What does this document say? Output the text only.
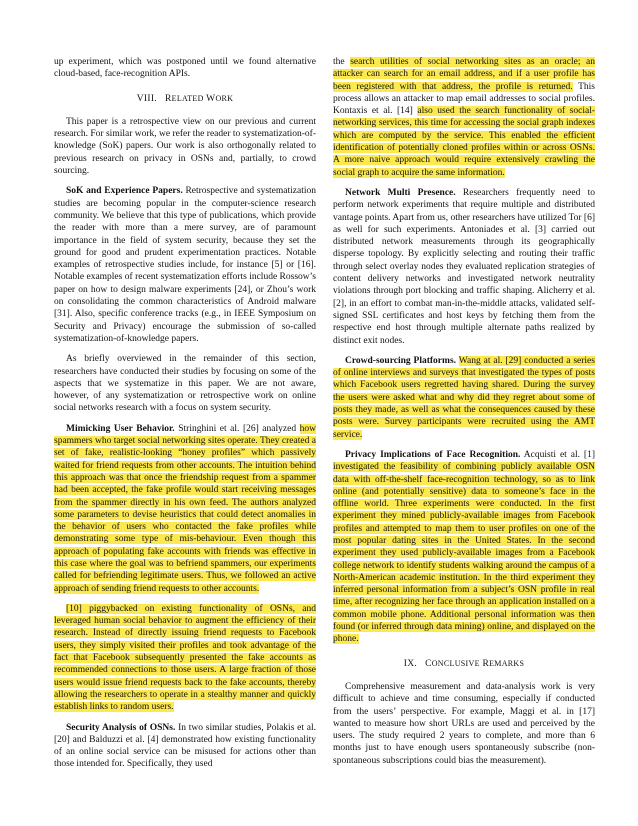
up experiment, which was postponed until we found alternative cloud-based, face-recognition APIs.

VIII. RELATED WORK

This paper is a retrospective view on our previous and current research. For similar work, we refer the reader to systematization-of-knowledge (SoK) papers. Our work is also orthogonally related to previous research on privacy in OSNs and, partially, to crowd sourcing.

SoK and Experience Papers. Retrospective and systematization studies are becoming popular in the computer-science research community. We believe that this type of publications, which provide the reader with more than a mere survey, are of paramount importance in the field of system security, because they set the ground for good and prudent experimentation practices. Notable examples of retrospective studies include, for instance [5] or [16]. Notable examples of recent systematization efforts include Rossow’s paper on how to design malware experiments [24], or Zhou’s work on consolidating the common characteristics of Android malware [31]. Also, specific conference tracks (e.g., in IEEE Symposium on Security and Privacy) encourage the submission of so-called systematization-of-knowledge papers.

As briefly overviewed in the remainder of this section, researchers have conducted their studies by focusing on some of the aspects that we systematize in this paper. We are not aware, however, of any systematization or retrospective work on online social networks research with a focus on system security.

Mimicking User Behavior. Stringhini et al. [26] analyzed how spammers who target social networking sites operate. They created a set of fake, realistic-looking “honey profiles” which passively waited for friend requests from other accounts. The intuition behind this approach was that once the friendship request from a spammer had been accepted, the fake profile would start receiving messages from the spammer directly in his own feed. The authors analyzed some parameters to devise heuristics that could detect anomalies in the behavior of users who contacted the fake profiles while demonstrating some type of mis-behaviour. Even though this approach of populating fake accounts with friends was effective in this case where the goal was to befriend spammers, our experiments called for befriending legitimate users. Thus, we followed an active approach of sending friend requests to other accounts.

[10] piggybacked on existing functionality of OSNs, and leveraged human social behavior to augment the efficiency of their research. Instead of directly issuing friend requests to Facebook users, they simply visited their profiles and took advantage of the fact that Facebook subsequently presented the fake accounts as recommended connections to those users. A large fraction of those users would issue friend requests back to the fake accounts, thereby allowing the researchers to operate in a stealthy manner and quickly establish links to random users.

Security Analysis of OSNs. In two similar studies, Polakis et al. [20] and Balduzzi et al. [4] demonstrated how existing functionality of an online social service can be misused for actions other than those intended for. Specifically, they used

the search utilities of social networking sites as an oracle; an attacker can search for an email address, and if a user profile has been registered with that address, the profile is returned. This process allows an attacker to map email addresses to social profiles. Kontaxis et al. [14] also used the search functionality of social-networking services, this time for accessing the social graph indexes which are computed by the service. This enabled the efficient identification of potentially cloned profiles within or across OSNs. A more naive approach would require extensively crawling the social graph to acquire the same information.

Network Multi Presence. Researchers frequently need to perform network experiments that require multiple and distributed vantage points. Apart from us, other researchers have utilized Tor [6] as well for such experiments. Antoniades et al. [3] carried out distributed network measurements through its geographically disperse topology. By explicitly selecting and routing their traffic through select overlay nodes they evaluated replication strategies of content delivery networks and investigated network neutrality violations through port blocking and traffic shaping. Alicherry et al. [2], in an effort to combat man-in-the-middle attacks, validated self-signed SSL certificates and host keys by fetching them from the respective end host through multiple alternate paths realized by distinct exit nodes.

Crowd-sourcing Platforms. Wang at al. [29] conducted a series of online interviews and surveys that investigated the types of posts which Facebook users regretted having shared. During the survey the users were asked what and why did they regret about some of posts they made, as well as what the consequences caused by these posts were. Survey participants were recruited using the AMT service.

Privacy Implications of Face Recognition. Acquisti et al. [1] investigated the feasibility of combining publicly available OSN data with off-the-shelf face-recognition technology, so as to link online (and potentially sensitive) data to someone’s face in the offline world. Three experiments were conducted. In the first experiment they mined publicly-available images from Facebook profiles and attempted to map them to user profiles on one of the most popular dating sites in the United States. In the second experiment they used publicly-available images from a Facebook college network to identify students walking around the campus of a North-American academic institution. In the third experiment they inferred personal information from a subject’s OSN profile in real time, after recognizing her face through an application installed on a common mobile phone. Additional personal information was then found (or inferred through data mining) online, and displayed on the phone.

IX. CONCLUSIVE REMARKS

Comprehensive measurement and data-analysis work is very difficult to achieve and time consuming, especially if conducted from the users’ perspective. For example, Maggi et al. in [17] wanted to measure how short URLs are used and perceived by the users. The study required 2 years to complete, and more than 6 months just to have enough users spontaneously subscribe (non-spontaneous subscriptions could bias the measurement).
